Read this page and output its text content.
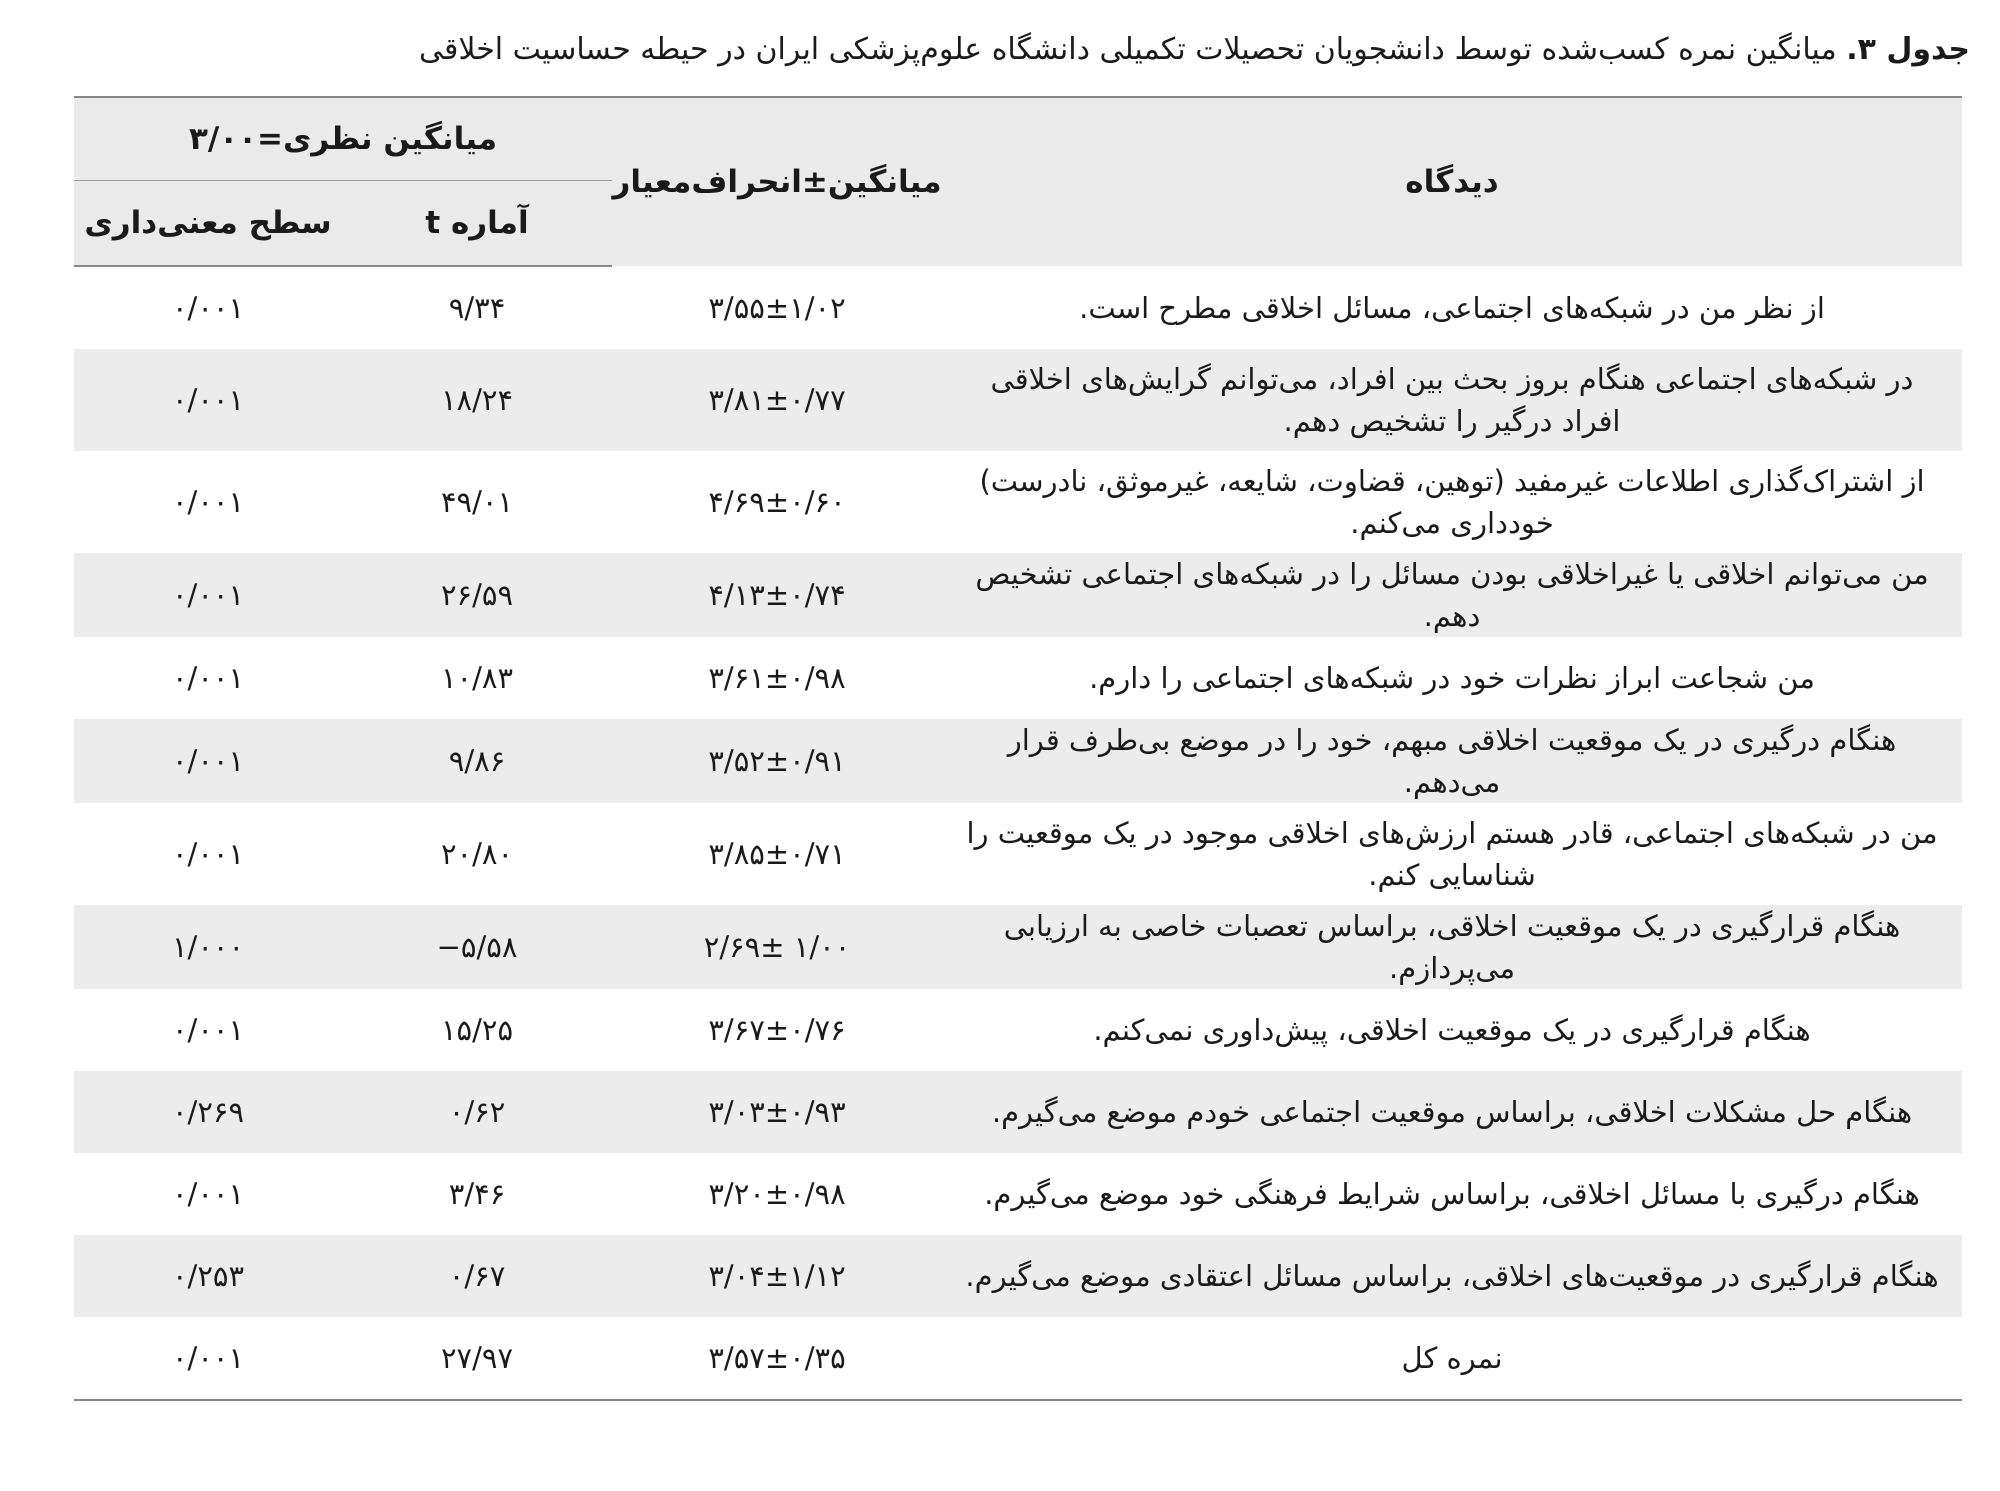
جدول ۳. میانگین نمره کسب‌شده توسط دانشجویان تحصیلات تکمیلی دانشگاه علوم‌پزشکی ایران در حیطه حساسیت اخلاقی
دیدگاه	میانگین±انحراف‌معیار	میانگین نظری=۳/۰۰	
		آماره t	سطح معنی‌داری
از نظر من در شبکه‌های اجتماعی، مسائل اخلاقی مطرح است.	۳/۵۵±۱/۰۲	۹/۳۴	۰/۰۰۱
در شبکه‌های اجتماعی هنگام بروز بحث بین افراد، می‌توانم گرایش‌های اخلاقی افراد درگیر را تشخیص دهم.	۳/۸۱±۰/۷۷	۱۸/۲۴	۰/۰۰۱
از اشتراک‌گذاری اطلاعات غیرمفید (توهین، قضاوت، شایعه، غیرموثق، نادرست) خودداری می‌کنم.	۴/۶۹±۰/۶۰	۴۹/۰۱	۰/۰۰۱
من می‌توانم اخلاقی یا غیراخلاقی بودن مسائل را در شبکه‌های اجتماعی تشخیص دهم.	۴/۱۳±۰/۷۴	۲۶/۵۹	۰/۰۰۱
من شجاعت ابراز نظرات خود در شبکه‌های اجتماعی را دارم.	۳/۶۱±۰/۹۸	۱۰/۸۳	۰/۰۰۱
هنگام درگیری در یک موقعیت اخلاقی مبهم، خود را در موضع بی‌طرف قرار می‌دهم.	۳/۵۲±۰/۹۱	۹/۸۶	۰/۰۰۱
من در شبکه‌های اجتماعی، قادر هستم ارزش‌های اخلاقی موجود در یک موقعیت را شناسایی کنم.	۳/۸۵±۰/۷۱	۲۰/۸۰	۰/۰۰۱
هنگام قرارگیری در یک موقعیت اخلاقی، براساس تعصبات خاصی به ارزیابی می‌پردازم.	۲/۶۹± ۱/۰۰	‎−۵/۵۸	۱/۰۰۰
هنگام قرارگیری در یک موقعیت اخلاقی، پیش‌داوری نمی‌کنم.	۳/۶۷±۰/۷۶	۱۵/۲۵	۰/۰۰۱
هنگام حل مشکلات اخلاقی، براساس موقعیت اجتماعی خودم موضع می‌گیرم.	۳/۰۳±۰/۹۳	۰/۶۲	۰/۲۶۹
هنگام درگیری با مسائل اخلاقی، براساس شرایط فرهنگی خود موضع می‌گیرم.	۳/۲۰±۰/۹۸	۳/۴۶	۰/۰۰۱
هنگام قرارگیری در موقعیت‌های اخلاقی، براساس مسائل اعتقادی موضع می‌گیرم.	۳/۰۴±۱/۱۲	۰/۶۷	۰/۲۵۳
نمره کل	۳/۵۷±۰/۳۵	۲۷/۹۷	۰/۰۰۱
